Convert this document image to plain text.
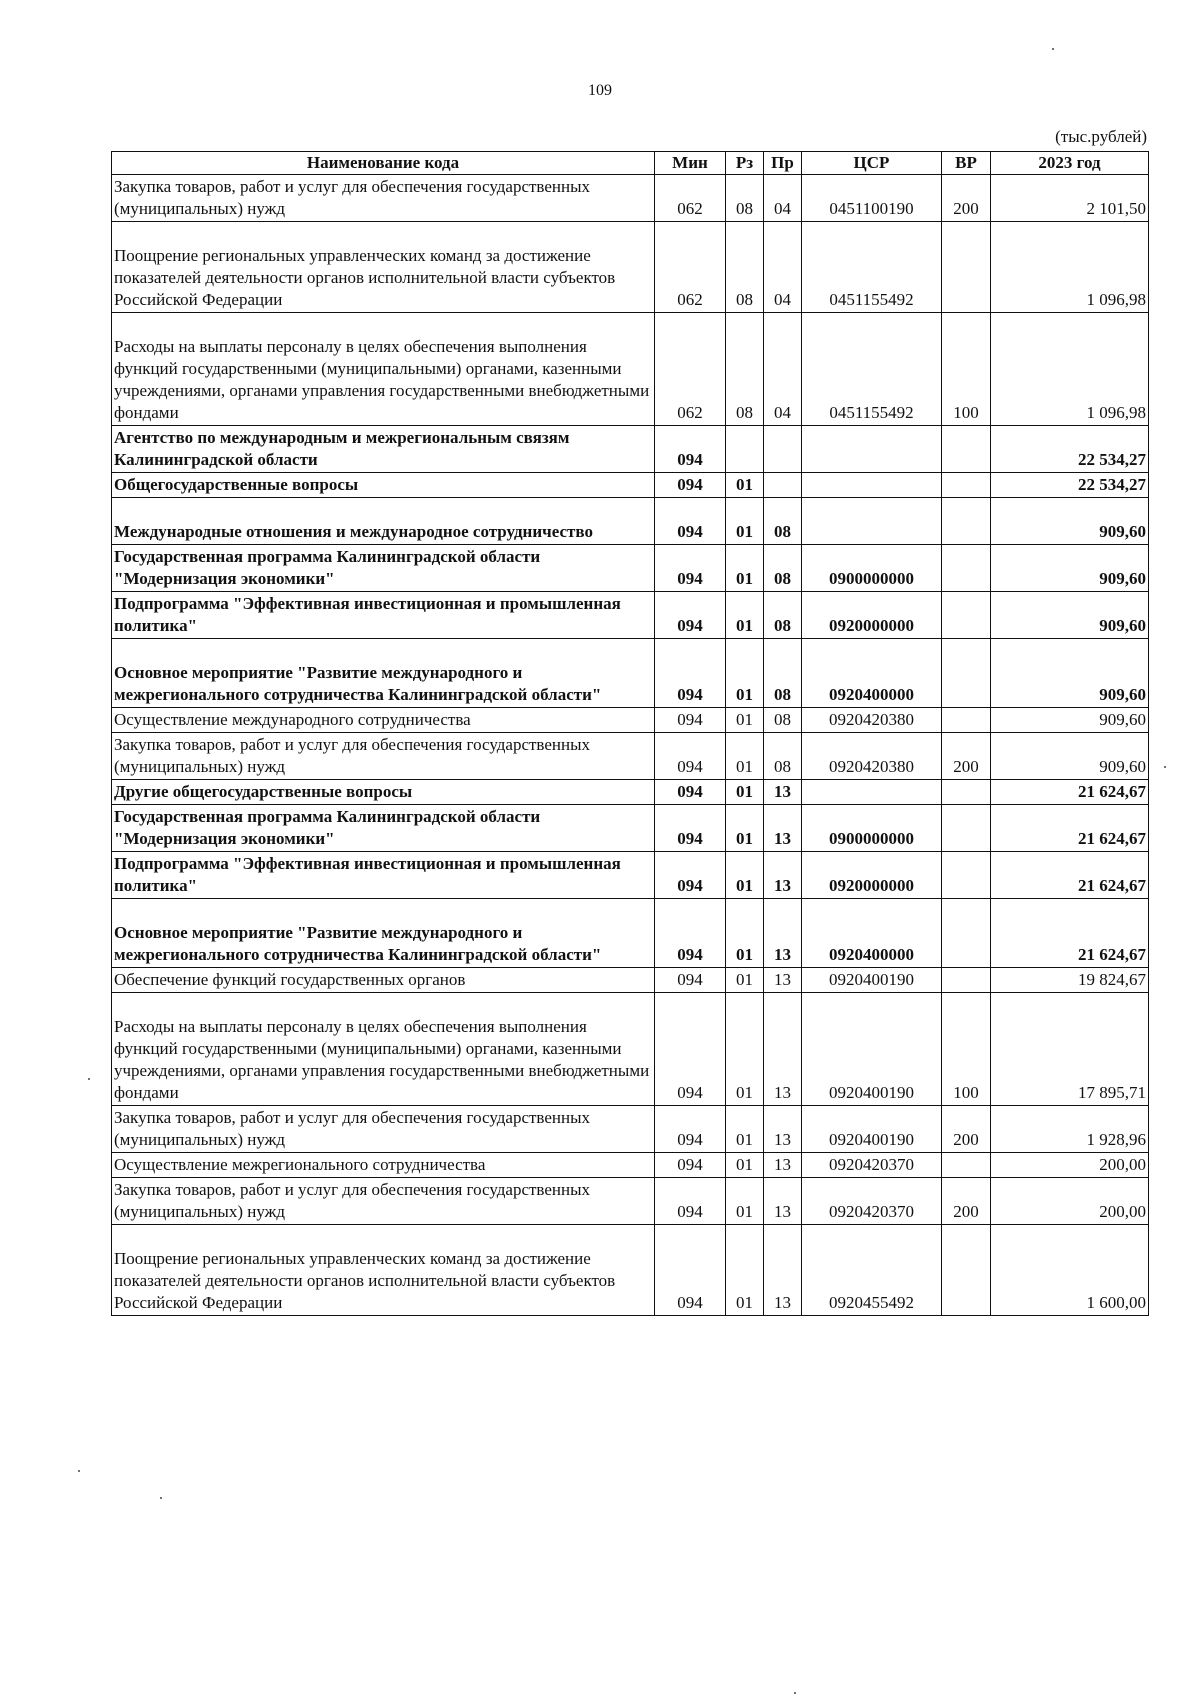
109
(тыс.рублей)
Наименование кода	Мин	Рз	Пр	ЦСР	ВР	2023 год
Закупка товаров, работ и услуг для обеспечения государственных (муниципальных) нужд	062	08	04	0451100190	200	2 101,50
Поощрение региональных управленческих команд за достижение показателей деятельности органов исполнительной власти субъектов Российской Федерации	062	08	04	0451155492		1 096,98
Расходы на выплаты персоналу в целях обеспечения выполнения функций государственными (муниципальными) органами, казенными учреждениями, органами управления государственными внебюджетными фондами	062	08	04	0451155492	100	1 096,98
Агентство по международным и межрегиональным связям Калининградской области	094					22 534,27
Общегосударственные вопросы	094	01				22 534,27
Международные отношения и международное сотрудничество	094	01	08			909,60
Государственная программа Калининградской области "Модернизация экономики"	094	01	08	0900000000		909,60
Подпрограмма "Эффективная инвестиционная и промышленная политика"	094	01	08	0920000000		909,60
Основное мероприятие "Развитие международного и межрегионального сотрудничества Калининградской области"	094	01	08	0920400000		909,60
Осуществление международного сотрудничества	094	01	08	0920420380		909,60
Закупка товаров, работ и услуг для обеспечения государственных (муниципальных) нужд	094	01	08	0920420380	200	909,60
Другие общегосударственные вопросы	094	01	13			21 624,67
Государственная программа Калининградской области "Модернизация экономики"	094	01	13	0900000000		21 624,67
Подпрограмма "Эффективная инвестиционная и промышленная политика"	094	01	13	0920000000		21 624,67
Основное мероприятие "Развитие международного и межрегионального сотрудничества Калининградской области"	094	01	13	0920400000		21 624,67
Обеспечение функций государственных органов	094	01	13	0920400190		19 824,67
Расходы на выплаты персоналу в целях обеспечения выполнения функций государственными (муниципальными) органами, казенными учреждениями, органами управления государственными внебюджетными фондами	094	01	13	0920400190	100	17 895,71
Закупка товаров, работ и услуг для обеспечения государственных (муниципальных) нужд	094	01	13	0920400190	200	1 928,96
Осуществление межрегионального сотрудничества	094	01	13	0920420370		200,00
Закупка товаров, работ и услуг для обеспечения государственных (муниципальных) нужд	094	01	13	0920420370	200	200,00
Поощрение региональных управленческих команд за достижение показателей деятельности органов исполнительной власти субъектов Российской Федерации	094	01	13	0920455492		1 600,00
